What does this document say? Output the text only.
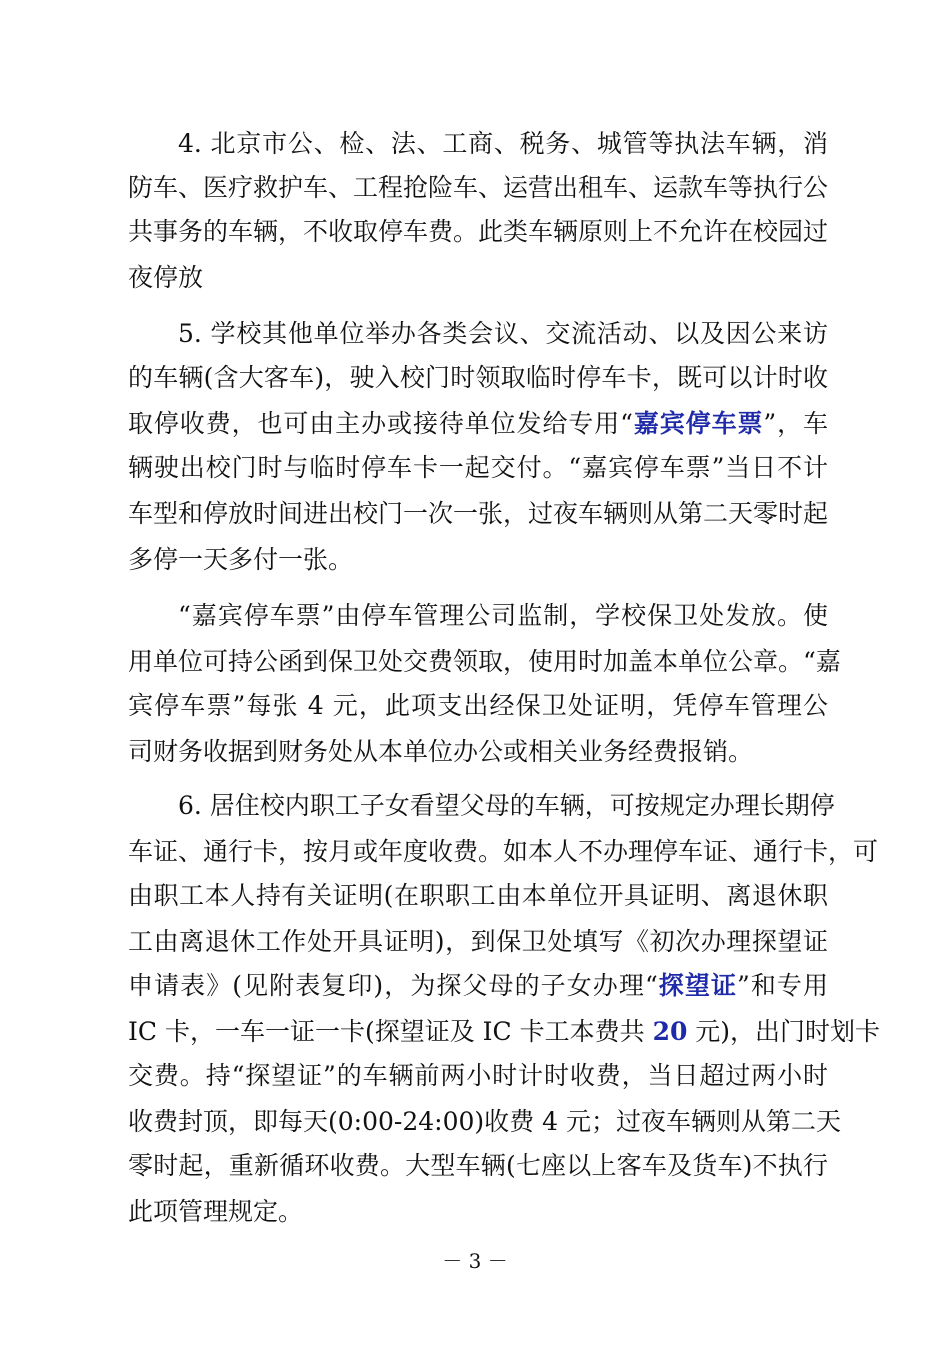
4. 北京市公、检、法、工商、税务、城管等执法车辆，消

防车、医疗救护车、工程抢险车、运营出租车、运款车等执行公

共事务的车辆，不收取停车费。此类车辆原则上不允许在校园过

夜停放

5. 学校其他单位举办各类会议、交流活动、以及因公来访

的车辆(含大客车)，驶入校门时领取临时停车卡，既可以计时收

取停收费，也可由主办或接待单位发给专用“嘉宾停车票”，车

辆驶出校门时与临时停车卡一起交付。“嘉宾停车票”当日不计

车型和停放时间进出校门一次一张，过夜车辆则从第二天零时起

多停一天多付一张。

“嘉宾停车票”由停车管理公司监制，学校保卫处发放。使

用单位可持公函到保卫处交费领取，使用时加盖本单位公章。“嘉

宾停车票”每张 4 元，此项支出经保卫处证明，凭停车管理公

司财务收据到财务处从本单位办公或相关业务经费报销。

6. 居住校内职工子女看望父母的车辆，可按规定办理长期停

车证、通行卡，按月或年度收费。如本人不办理停车证、通行卡，可

由职工本人持有关证明(在职职工由本单位开具证明、离退休职

工由离退休工作处开具证明)，到保卫处填写《初次办理探望证

申请表》(见附表复印)，为探父母的子女办理“探望证”和专用

IC 卡，一车一证一卡(探望证及 IC 卡工本费共 20 元)，出门时划卡

交费。持“探望证”的车辆前两小时计时收费，当日超过两小时

收费封顶，即每天(0:00-24:00)收费 4 元；过夜车辆则从第二天

零时起，重新循环收费。大型车辆(七座以上客车及货车)不执行

此项管理规定。

－ 3 －
